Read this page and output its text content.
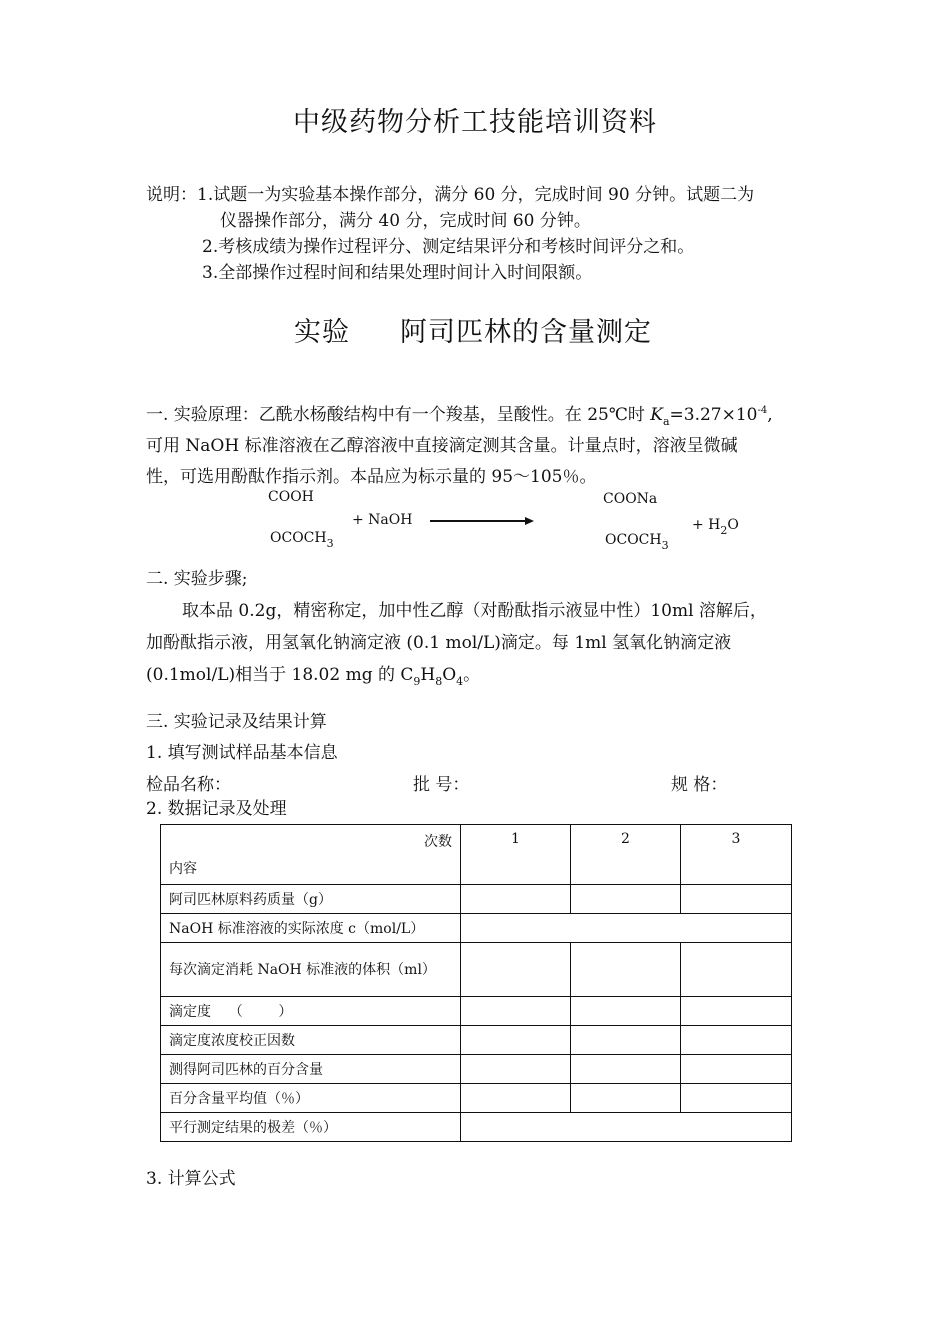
中级药物分析工技能培训资料
说明：1.试题一为实验基本操作部分，满分 60 分，完成时间 90 分钟。试题二为
仪器操作部分，满分 40 分，完成时间 60 分钟。
2.考核成绩为操作过程评分、测定结果评分和考核时间评分之和。
3.全部操作过程时间和结果处理时间计入时间限额。
实验 阿司匹林的含量测定
一. 实验原理：乙酰水杨酸结构中有一个羧基，呈酸性。在 25℃时 $K_a=3.27\times 10^{-4}$,
可用 NaOH 标准溶液在乙醇溶液中直接滴定测其含量。计量点时，溶液呈微碱
性，可选用酚酞作指示剂。本品应为标示量的 95～105％。
COOH
$OCOCH_3$
+ NaOH
COONa
$OCOCH_3$
+ $H_2O$
二. 实验步骤;
取本品 0.2g，精密称定，加中性乙醇（对酚酞指示液显中性）10ml 溶解后，
加酚酞指示液，用氢氧化钠滴定液 (0.1 mol/L)滴定。每 1ml 氢氧化钠滴定液
(0.1mol/L)相当于 18.02 mg 的 $C_9H_8O_4$。
三. 实验记录及结果计算
1. 填写测试样品基本信息
检品名称：	批 号：	规 格：
2. 数据记录及处理
次数
内容	1	2	3
阿司匹林原料药质量（g）			
NaOH 标准溶液的实际浓度 c（mol/L）			
每次滴定消耗 NaOH 标准液的体积（ml）			
滴定度    （        ）			
滴定度浓度校正因数			
测得阿司匹林的百分含量			
百分含量平均值（％）			
平行测定结果的极差（％）			
3. 计算公式
